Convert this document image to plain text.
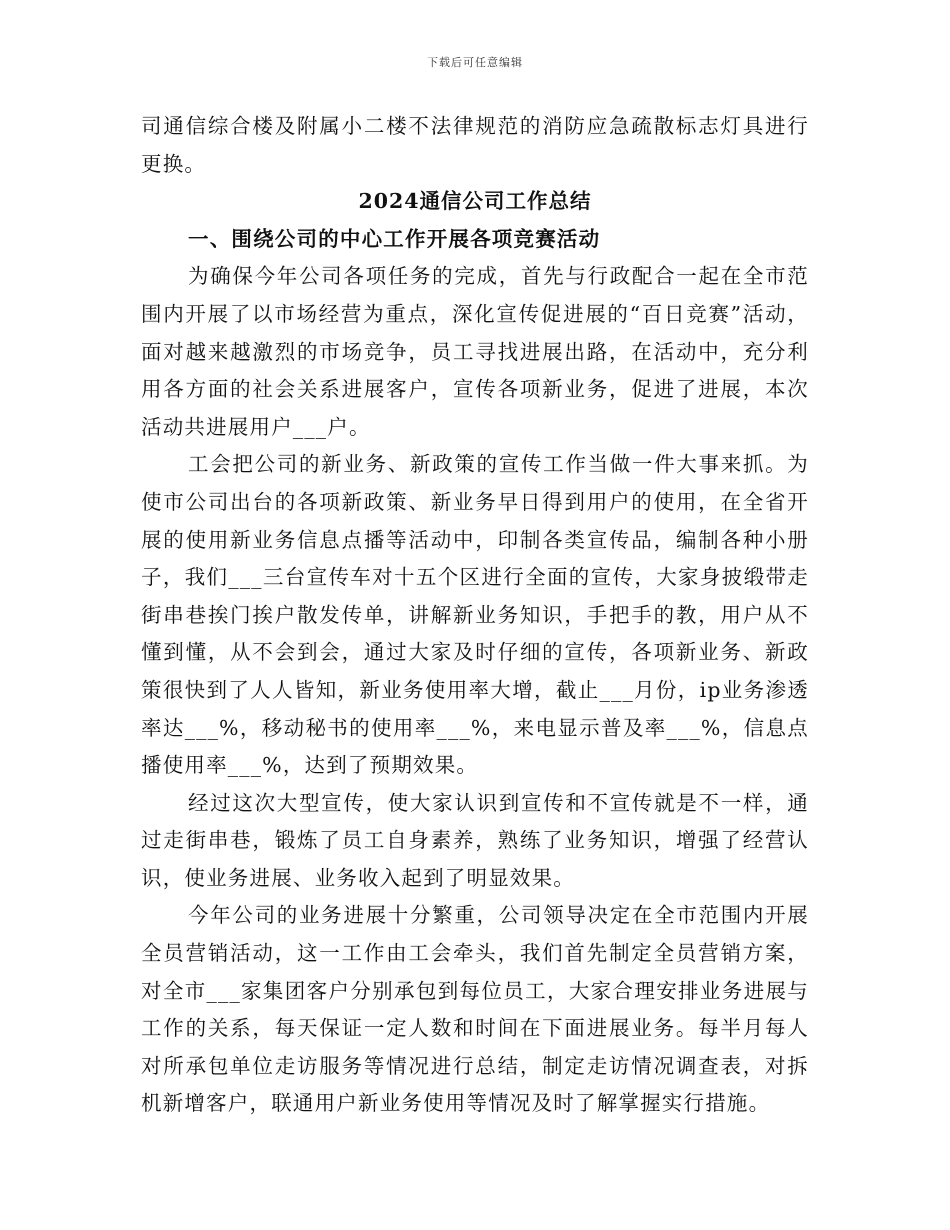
下载后可任意编辑

司通信综合楼及附属小二楼不法律规范的消防应急疏散标志灯具进行更换。

2024通信公司工作总结

一、围绕公司的中心工作开展各项竞赛活动

为确保今年公司各项任务的完成，首先与行政配合一起在全市范围内开展了以市场经营为重点，深化宣传促进展的“百日竞赛”活动，面对越来越激烈的市场竞争，员工寻找进展出路，在活动中，充分利用各方面的社会关系进展客户，宣传各项新业务，促进了进展，本次活动共进展用户___户。

工会把公司的新业务、新政策的宣传工作当做一件大事来抓。为使市公司出台的各项新政策、新业务早日得到用户的使用，在全省开展的使用新业务信息点播等活动中，印制各类宣传品，编制各种小册子，我们___三台宣传车对十五个区进行全面的宣传，大家身披缎带走街串巷挨门挨户散发传单，讲解新业务知识，手把手的教，用户从不懂到懂，从不会到会，通过大家及时仔细的宣传，各项新业务、新政策很快到了人人皆知，新业务使用率大增，截止___月份，ip业务渗透率达___%，移动秘书的使用率___%，来电显示普及率___%，信息点播使用率___%，达到了预期效果。

经过这次大型宣传，使大家认识到宣传和不宣传就是不一样，通过走街串巷，锻炼了员工自身素养，熟练了业务知识，增强了经营认识，使业务进展、业务收入起到了明显效果。

今年公司的业务进展十分繁重，公司领导决定在全市范围内开展全员营销活动，这一工作由工会牵头，我们首先制定全员营销方案，对全市___家集团客户分别承包到每位员工，大家合理安排业务进展与工作的关系，每天保证一定人数和时间在下面进展业务。每半月每人对所承包单位走访服务等情况进行总结，制定走访情况调查表，对拆机新增客户，联通用户新业务使用等情况及时了解掌握实行措施。
